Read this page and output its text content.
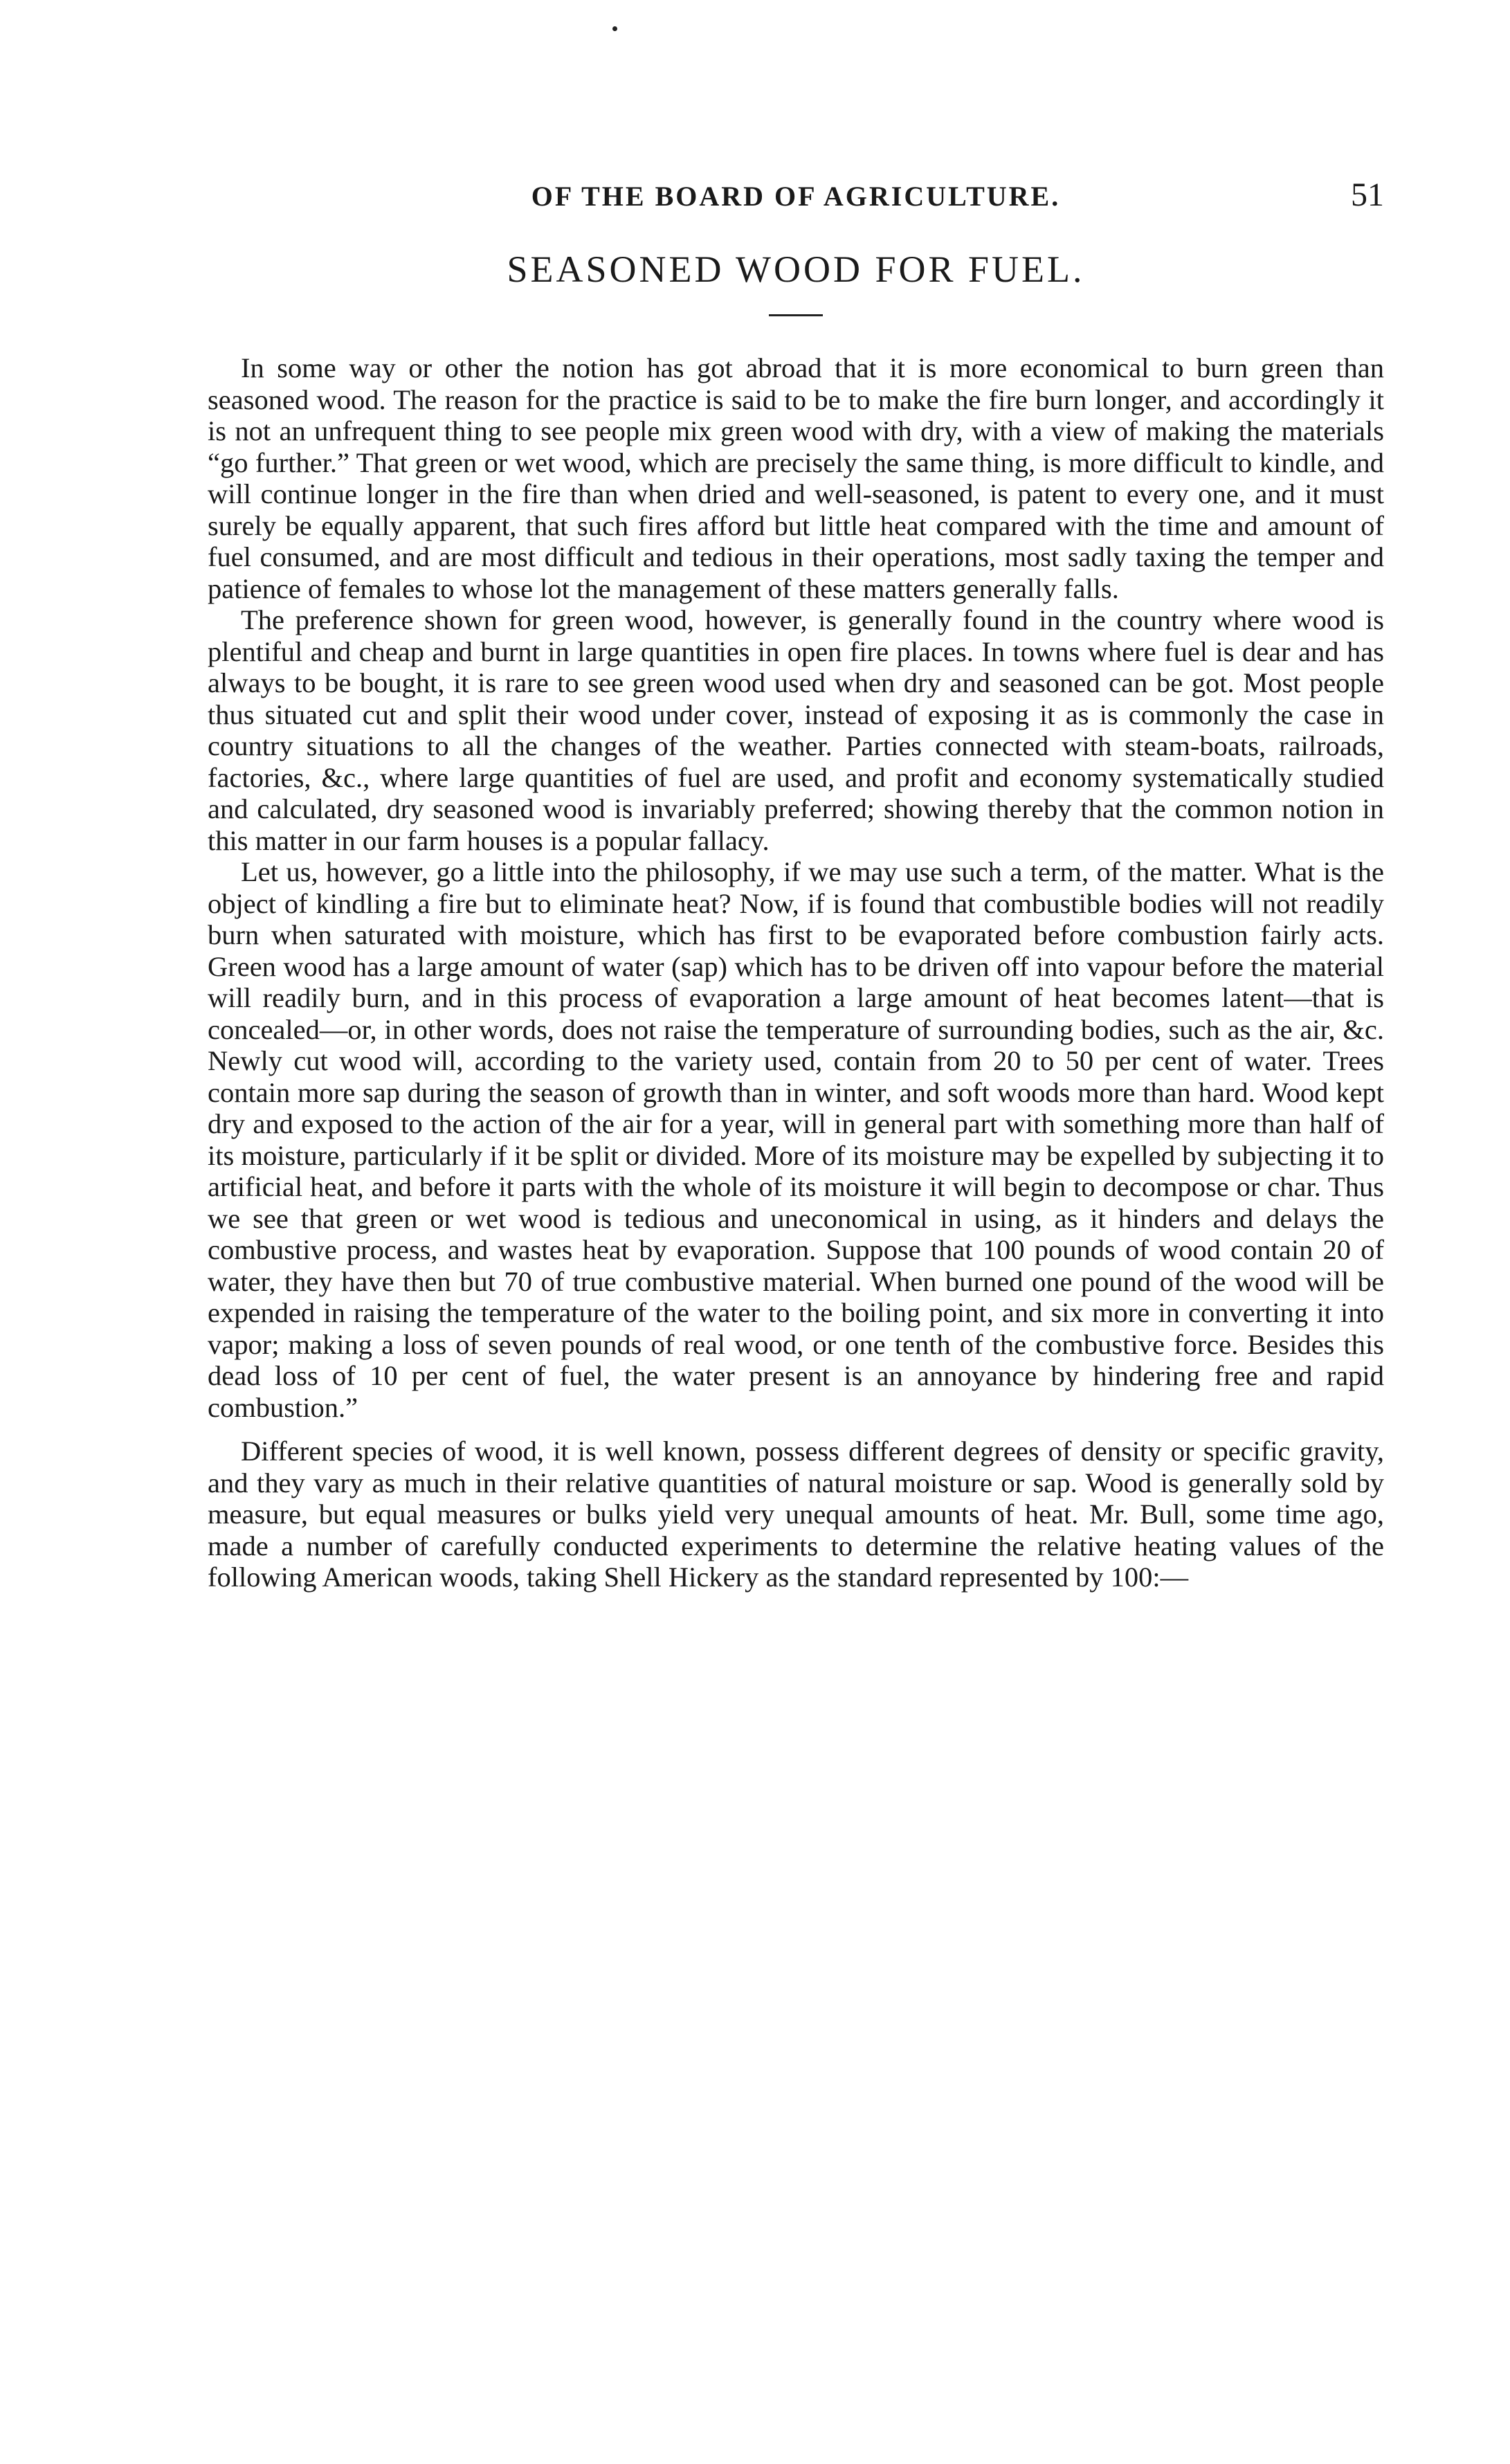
OF THE BOARD OF AGRICULTURE.	51
SEASONED WOOD FOR FUEL.

In some way or other the notion has got abroad that it is more economical to burn green than seasoned wood. The reason for the practice is said to be to make the fire burn longer, and accordingly it is not an unfrequent thing to see people mix green wood with dry, with a view of making the materials “go further.” That green or wet wood, which are precisely the same thing, is more difficult to kindle, and will continue longer in the fire than when dried and well-seasoned, is patent to every one, and it must surely be equally apparent, that such fires afford but little heat compared with the time and amount of fuel consumed, and are most difficult and tedious in their operations, most sadly taxing the temper and patience of females to whose lot the management of these matters generally falls.

The preference shown for green wood, however, is generally found in the country where wood is plentiful and cheap and burnt in large quantities in open fire places. In towns where fuel is dear and has always to be bought, it is rare to see green wood used when dry and seasoned can be got. Most people thus situated cut and split their wood under cover, instead of exposing it as is commonly the case in country situations to all the changes of the weather. Parties connected with steam-boats, railroads, factories, &c., where large quantities of fuel are used, and profit and economy systematically studied and calculated, dry seasoned wood is invariably preferred; showing thereby that the common notion in this matter in our farm houses is a popular fallacy.

Let us, however, go a little into the philosophy, if we may use such a term, of the matter. What is the object of kindling a fire but to eliminate heat? Now, if is found that combustible bodies will not readily burn when saturated with moisture, which has first to be evaporated before combustion fairly acts. Green wood has a large amount of water (sap) which has to be driven off into vapour before the material will readily burn, and in this process of evaporation a large amount of heat becomes latent—that is concealed—or, in other words, does not raise the temperature of surrounding bodies, such as the air, &c. Newly cut wood will, according to the variety used, contain from 20 to 50 per cent of water. Trees contain more sap during the season of growth than in winter, and soft woods more than hard. Wood kept dry and exposed to the action of the air for a year, will in general part with something more than half of its moisture, particularly if it be split or divided. More of its moisture may be expelled by subjecting it to artificial heat, and before it parts with the whole of its moisture it will begin to decompose or char. Thus we see that green or wet wood is tedious and uneconomical in using, as it hinders and delays the combustive process, and wastes heat by evaporation. Suppose that 100 pounds of wood contain 20 of water, they have then but 70 of true combustive material. When burned one pound of the wood will be expended in raising the temperature of the water to the boiling point, and six more in converting it into vapor; making a loss of seven pounds of real wood, or one tenth of the combustive force. Besides this dead loss of 10 per cent of fuel, the water present is an annoyance by hindering free and rapid combustion.”

Different species of wood, it is well known, possess different degrees of density or specific gravity, and they vary as much in their relative quantities of natural moisture or sap. Wood is generally sold by measure, but equal measures or bulks yield very unequal amounts of heat. Mr. Bull, some time ago, made a number of carefully conducted experiments to determine the relative heating values of the following American woods, taking Shell Hickery as the standard represented by 100:—
